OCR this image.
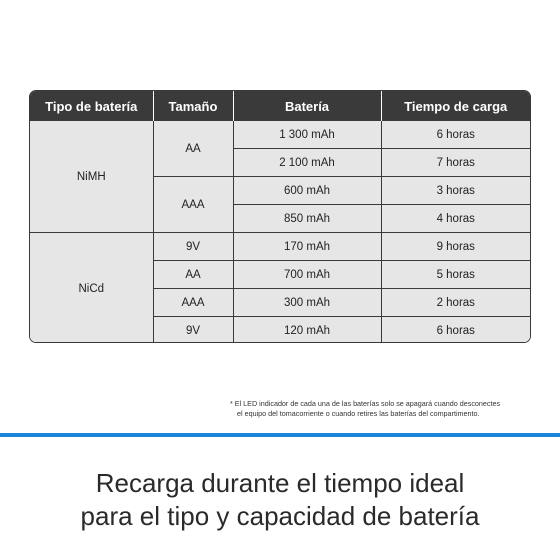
Tipo de batería	Tamaño	Batería	Tiempo de carga
NiMH	AA	1 300 mAh	6 horas
		2 100 mAh	7 horas
	AAA	600 mAh	3 horas
		850 mAh	4 horas
NiCd	9V	170 mAh	9 horas
	AA	700 mAh	5 horas
	AAA	300 mAh	2 horas
	9V	120 mAh	6 horas
* El LED indicador de cada una de las baterías solo se apagará cuando desconectes
el equipo del tomacorriente o cuando retires las baterías del compartimento.
Recarga durante el tiempo ideal
para el tipo y capacidad de batería
